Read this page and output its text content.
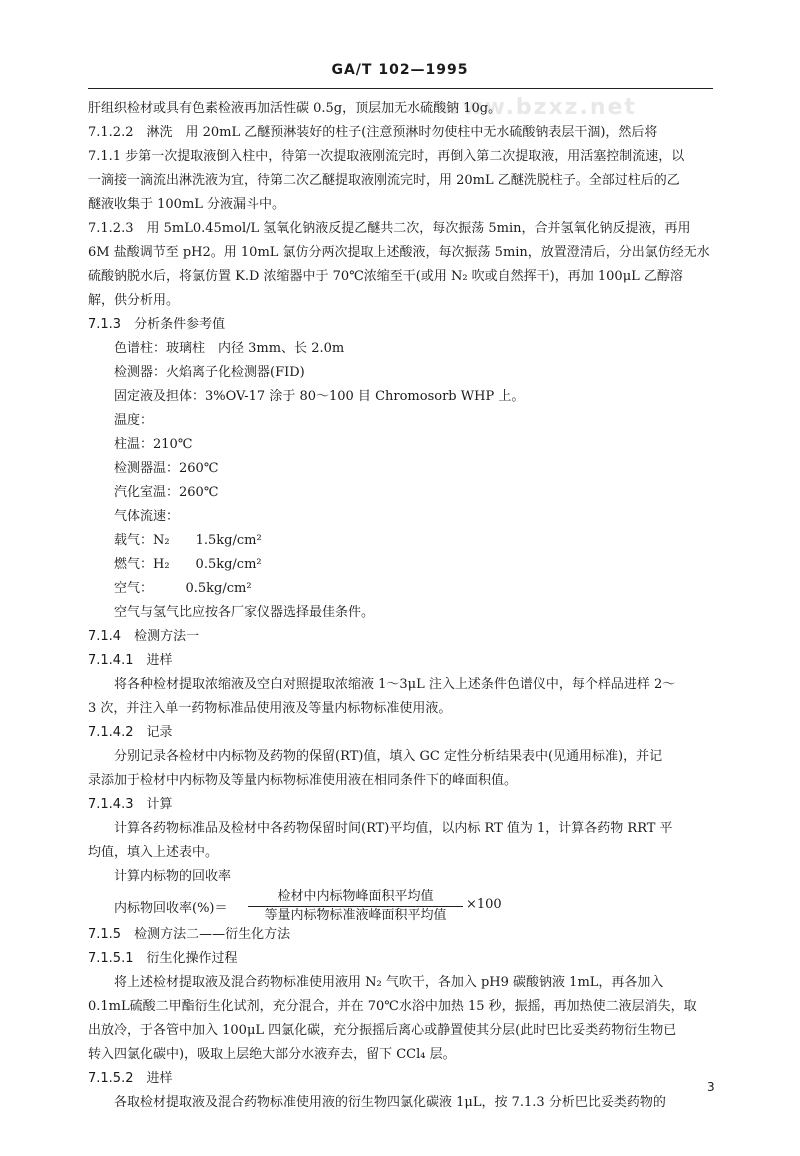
GA/T 102—1995
www.bzxz.net
肝组织检材或具有色素检液再加活性碳 0.5g，顶层加无水硫酸钠 10g。
7.1.2.2　淋洗　用 20mL 乙醚预淋装好的柱子(注意预淋时勿使柱中无水硫酸钠表层干涸)，然后将
7.1.1 步第一次提取液倒入柱中，待第一次提取液刚流完时，再倒入第二次提取液，用活塞控制流速，以
一滴接一滴流出淋洗液为宜，待第二次乙醚提取液刚流完时，用 20mL 乙醚洗脱柱子。全部过柱后的乙
醚液收集于 100mL 分液漏斗中。
7.1.2.3　用 5mL0.45mol/L 氢氧化钠液反提乙醚共二次，每次振荡 5min，合并氢氧化钠反提液，再用
6M 盐酸调节至 pH2。用 10mL 氯仿分两次提取上述酸液，每次振荡 5min，放置澄清后，分出氯仿经无水
硫酸钠脱水后，将氯仿置 K.D 浓缩器中于 70℃浓缩至干(或用 N₂ 吹或自然挥干)，再加 100μL 乙醇溶
解，供分析用。
7.1.3　分析条件参考值
　　色谱柱：玻璃柱　内径 3mm、长 2.0m
　　检测器：火焰离子化检测器(FID)
　　固定液及担体：3%OV-17 涂于 80～100 目 Chromosorb WHP 上。
　　温度：
　　柱温：210℃
　　检测器温：260℃
　　汽化室温：260℃
　　气体流速：
　　载气：N₂　　1.5kg/cm²
　　燃气：H₂　　0.5kg/cm²
　　空气：　　　0.5kg/cm²
　　空气与氢气比应按各厂家仪器选择最佳条件。
7.1.4　检测方法一
7.1.4.1　进样
　　将各种检材提取浓缩液及空白对照提取浓缩液 1～3μL 注入上述条件色谱仪中，每个样品进样 2～
3 次，并注入单一药物标准品使用液及等量内标物标准使用液。
7.1.4.2　记录
　　分别记录各检材中内标物及药物的保留(RT)值，填入 GC 定性分析结果表中(见通用标准)，并记
录添加于检材中内标物及等量内标物标准使用液在相同条件下的峰面积值。
7.1.4.3　计算
　　计算各药物标准品及检材中各药物保留时间(RT)平均值，以内标 RT 值为 1，计算各药物 RRT 平
均值，填入上述表中。
　　计算内标物的回收率
　　内标物回收率(%)＝
检材中内标物峰面积平均值
等量内标物标准液峰面积平均值
×100
7.1.5　检测方法二——衍生化方法
7.1.5.1　衍生化操作过程
　　将上述检材提取液及混合药物标准使用液用 N₂ 气吹干，各加入 pH9 碳酸钠液 1mL，再各加入
0.1mL硫酸二甲酯衍生化试剂，充分混合，并在 70℃水浴中加热 15 秒，振摇，再加热使二液层消失，取
出放冷，于各管中加入 100μL 四氯化碳，充分振摇后离心或静置使其分层(此时巴比妥类药物衍生物已
转入四氯化碳中)，吸取上层绝大部分水液弃去，留下 CCl₄ 层。
7.1.5.2　进样
　　各取检材提取液及混合药物标准使用液的衍生物四氯化碳液 1μL，按 7.1.3 分析巴比妥类药物的
3
